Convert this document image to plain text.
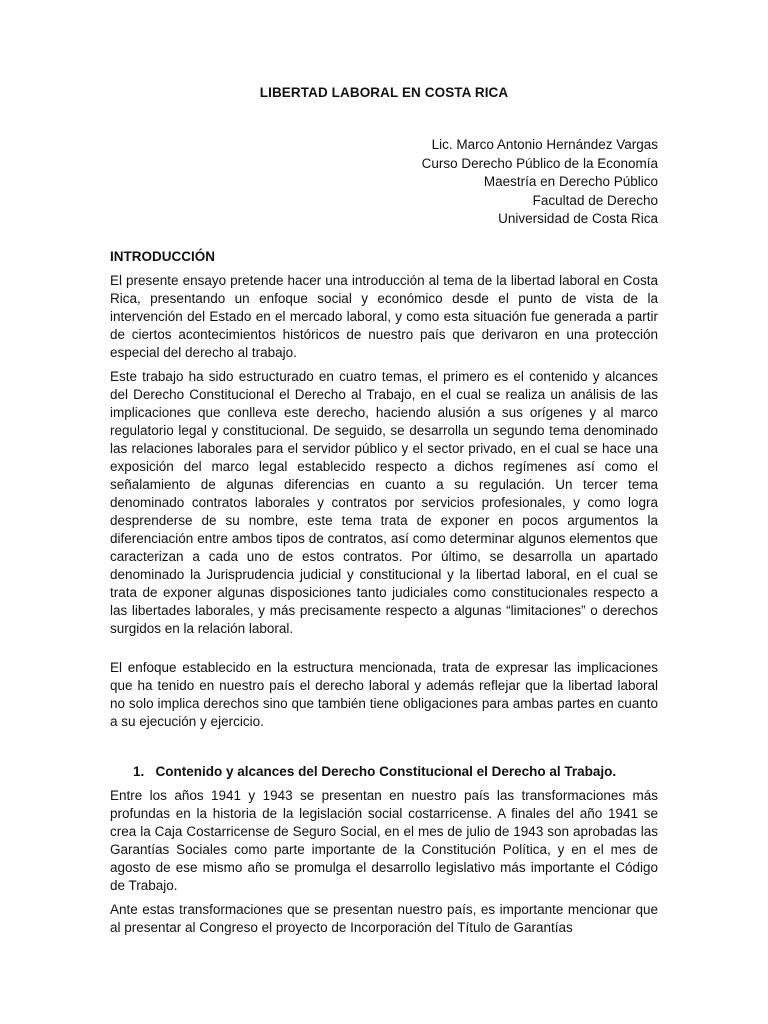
LIBERTAD LABORAL EN COSTA RICA
Lic. Marco Antonio Hernández Vargas
Curso Derecho Público de la Economía
Maestría en Derecho Público
Facultad de Derecho
Universidad de Costa Rica
INTRODUCCIÓN

El presente ensayo pretende hacer una introducción al tema de la libertad laboral en Costa Rica, presentando un enfoque social y económico desde el punto de vista de la intervención del Estado en el mercado laboral, y como esta situación fue generada a partir de ciertos acontecimientos históricos de nuestro país que derivaron en una protección especial del derecho al trabajo.

Este trabajo ha sido estructurado en cuatro temas, el primero es el contenido y alcances del Derecho Constitucional el Derecho al Trabajo, en el cual se realiza un análisis de las implicaciones que conlleva este derecho, haciendo alusión a sus orígenes y al marco regulatorio legal y constitucional. De seguido, se desarrolla un segundo tema denominado las relaciones laborales para el servidor público y el sector privado, en el cual se hace una exposición del marco legal establecido respecto a dichos regímenes así como el señalamiento de algunas diferencias en cuanto a su regulación. Un tercer tema denominado contratos laborales y contratos por servicios profesionales, y como logra desprenderse de su nombre, este tema trata de exponer en pocos argumentos la diferenciación entre ambos tipos de contratos, así como determinar algunos elementos que caracterizan a cada uno de estos contratos. Por último, se desarrolla un apartado denominado la Jurisprudencia judicial y constitucional y la libertad laboral, en el cual se trata de exponer algunas disposiciones tanto judiciales como constitucionales respecto a las libertades laborales, y más precisamente respecto a algunas “limitaciones” o derechos surgidos en la relación laboral.

El enfoque establecido en la estructura mencionada, trata de expresar las implicaciones que ha tenido en nuestro país el derecho laboral y además reflejar que la libertad laboral no solo implica derechos sino que también tiene obligaciones para ambas partes en cuanto a su ejecución y ejercicio.

1. Contenido y alcances del Derecho Constitucional el Derecho al Trabajo.

Entre los años 1941 y 1943 se presentan en nuestro país las transformaciones más profundas en la historia de la legislación social costarricense. A finales del año 1941 se crea la Caja Costarricense de Seguro Social, en el mes de julio de 1943 son aprobadas las Garantías Sociales como parte importante de la Constitución Política, y en el mes de agosto de ese mismo año se promulga el desarrollo legislativo más importante el Código de Trabajo.

Ante estas transformaciones que se presentan nuestro país, es importante mencionar que al presentar al Congreso el proyecto de Incorporación del Título de Garantías
